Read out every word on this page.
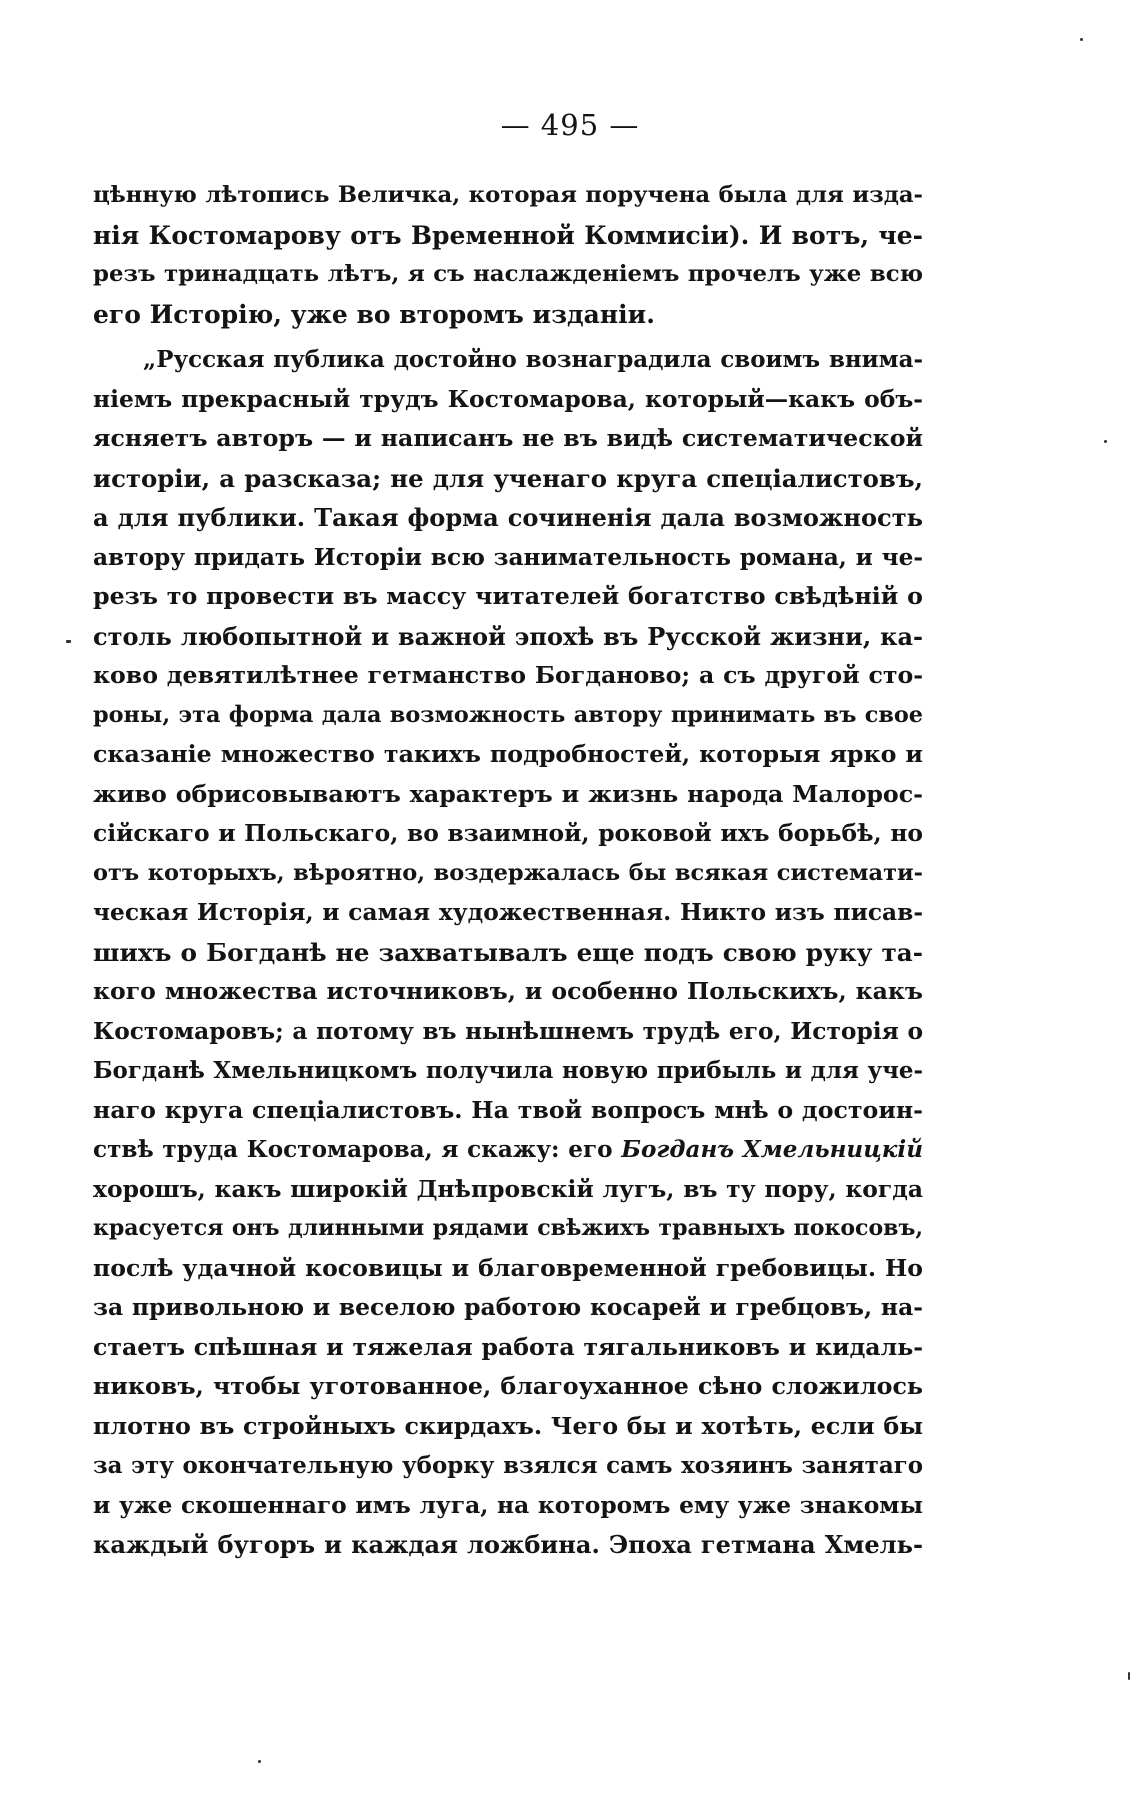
— 495 —
цѣнную лѣтопись Величка, которая поручена была для изда-
нія Костомарову отъ Временной Коммисіи). И вотъ, че-
резъ тринадцать лѣтъ, я съ наслажденіемъ прочелъ уже всю
его Исторію, уже во второмъ изданіи.
„Русская публика достойно вознаградила своимъ внима-
ніемъ прекрасный трудъ Костомарова, который—какъ объ-
ясняетъ авторъ — и написанъ не въ видѣ систематической
исторіи, а разсказа; не для ученаго круга спеціалистовъ,
а для публики. Такая форма сочиненія дала возможность
автору придать Исторіи всю занимательность романа, и че-
резъ то провести въ массу читателей богатство свѣдѣній о
столь любопытной и важной эпохѣ въ Русской жизни, ка-
ково девятилѣтнее гетманство Богданово; а съ другой сто-
роны, эта форма дала возможность автору принимать въ свое
сказаніе множество такихъ подробностей, которыя ярко и
живо обрисовываютъ характеръ и жизнь народа Малорос-
сійскаго и Польскаго, во взаимной, роковой ихъ борьбѣ, но
отъ которыхъ, вѣроятно, воздержалась бы всякая системати-
ческая Исторія, и самая художественная. Никто изъ писав-
шихъ о Богданѣ не захватывалъ еще подъ свою руку та-
кого множества источниковъ, и особенно Польскихъ, какъ
Костомаровъ; а потому въ нынѣшнемъ трудѣ его, Исторія о
Богданѣ Хмельницкомъ получила новую прибыль и для уче-
наго круга спеціалистовъ. На твой вопросъ мнѣ о достоин-
ствѣ труда Костомарова, я скажу: его Богданъ Хмельницкій
хорошъ, какъ широкій Днѣпровскій лугъ, въ ту пору, когда
красуется онъ длинными рядами свѣжихъ травныхъ покосовъ,
послѣ удачной косовицы и благовременной гребовицы. Но
за привольною и веселою работою косарей и гребцовъ, на-
стаетъ спѣшная и тяжелая работа тягальниковъ и кидаль-
никовъ, чтобы уготованное, благоуханное сѣно сложилось
плотно въ стройныхъ скирдахъ. Чего бы и хотѣть, если бы
за эту окончательную уборку взялся самъ хозяинъ занятаго
и уже скошеннаго имъ луга, на которомъ ему уже знакомы
каждый бугоръ и каждая ложбина. Эпоха гетмана Хмель-
